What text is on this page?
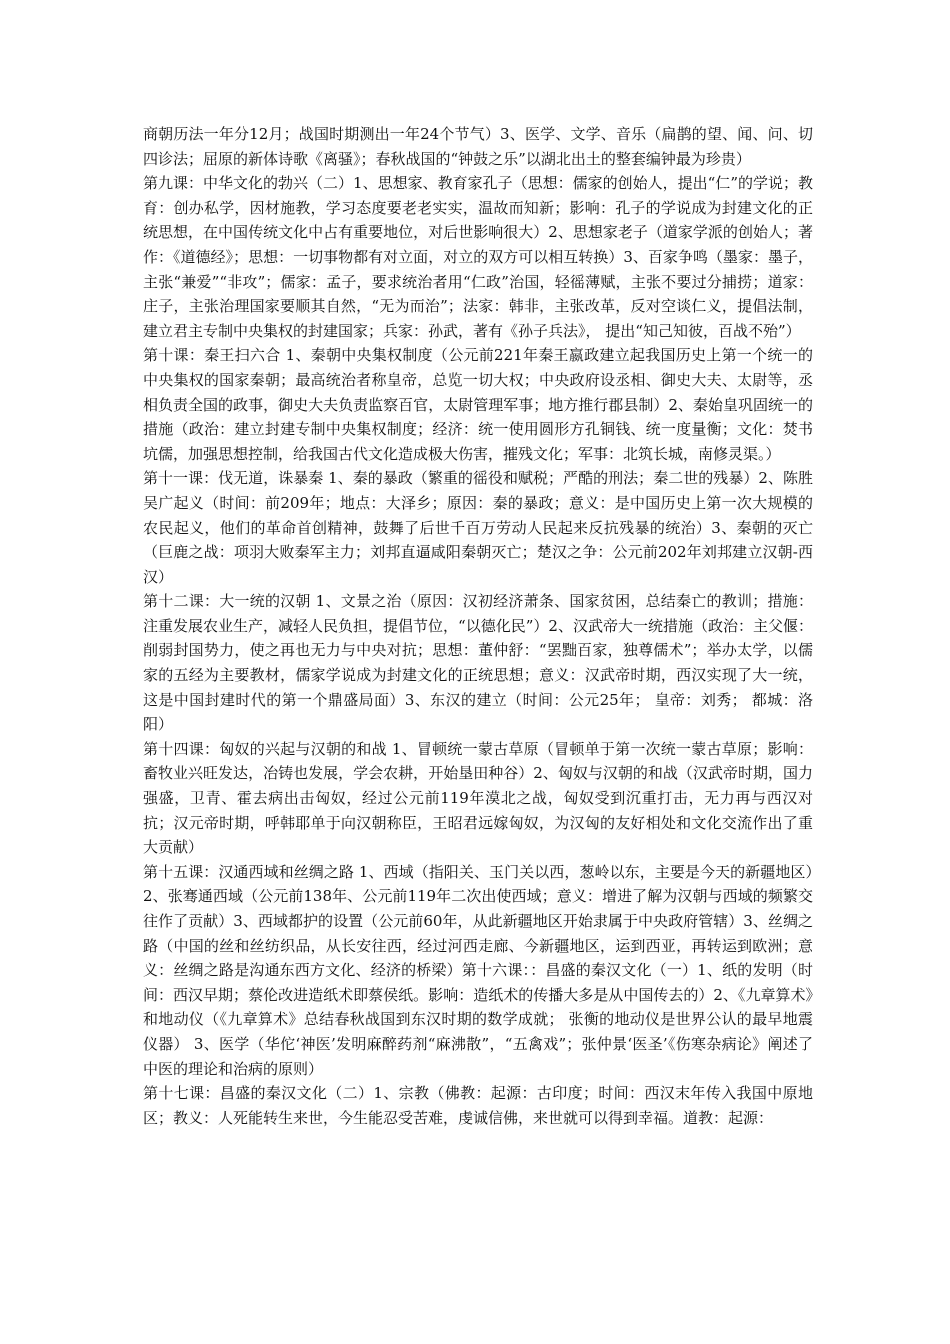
商朝历法一年分12月；战国时期测出一年24个节气）3、医学、文学、音乐（扁鹊的望、闻、问、切四诊法；屈原的新体诗歌《离骚》；春秋战国的“钟鼓之乐”以湖北出土的整套编钟最为珍贵）

第九课：中华文化的勃兴（二）1、思想家、教育家孔子（思想：儒家的创始人，提出“仁”的学说；教育：创办私学，因材施教，学习态度要老老实实，温故而知新；影响：孔子的学说成为封建文化的正统思想，在中国传统文化中占有重要地位，对后世影响很大）2、思想家老子（道家学派的创始人；著作：《道德经》；思想：一切事物都有对立面，对立的双方可以相互转换）3、百家争鸣（墨家：墨子，主张“兼爱”“非攻”；儒家：孟子，要求统治者用“仁政”治国，轻徭薄赋，主张不要过分捕捞；道家：庄子，主张治理国家要顺其自然，“无为而治”；法家：韩非，主张改革，反对空谈仁义，提倡法制，建立君主专制中央集权的封建国家；兵家：孙武，著有《孙子兵法》， 提出“知己知彼，百战不殆”）

第十课：秦王扫六合 1、秦朝中央集权制度（公元前221年秦王嬴政建立起我国历史上第一个统一的中央集权的国家秦朝；最高统治者称皇帝，总览一切大权；中央政府设丞相、御史大夫、太尉等，丞相负责全国的政事，御史大夫负责监察百官，太尉管理军事；地方推行郡县制）2、秦始皇巩固统一的措施（政治：建立封建专制中央集权制度；经济：统一使用圆形方孔铜钱、统一度量衡；文化：焚书坑儒，加强思想控制，给我国古代文化造成极大伤害，摧残文化；军事：北筑长城，南修灵渠。）

第十一课：伐无道，诛暴秦 1、秦的暴政（繁重的徭役和赋税；严酷的刑法；秦二世的残暴）2、陈胜吴广起义（时间：前209年；地点：大泽乡；原因：秦的暴政；意义：是中国历史上第一次大规模的农民起义，他们的革命首创精神，鼓舞了后世千百万劳动人民起来反抗残暴的统治）3、秦朝的灭亡（巨鹿之战：项羽大败秦军主力；刘邦直逼咸阳秦朝灭亡；楚汉之争：公元前202年刘邦建立汉朝-西汉）

第十二课：大一统的汉朝 1、文景之治（原因：汉初经济萧条、国家贫困，总结秦亡的教训；措施：注重发展农业生产，减轻人民负担，提倡节位，“以德化民”）2、汉武帝大一统措施（政治：主父偃：削弱封国势力，使之再也无力与中央对抗；思想：董仲舒：“罢黜百家，独尊儒术”；举办太学，以儒家的五经为主要教材，儒家学说成为封建文化的正统思想；意义：汉武帝时期，西汉实现了大一统，这是中国封建时代的第一个鼎盛局面）3、东汉的建立（时间：公元25年； 皇帝：刘秀； 都城：洛阳）

第十四课：匈奴的兴起与汉朝的和战 1、冒顿统一蒙古草原（冒顿单于第一次统一蒙古草原；影响：畜牧业兴旺发达，冶铸也发展，学会农耕，开始垦田种谷）2、匈奴与汉朝的和战（汉武帝时期，国力强盛，卫青、霍去病出击匈奴，经过公元前119年漠北之战，匈奴受到沉重打击，无力再与西汉对抗；汉元帝时期，呼韩耶单于向汉朝称臣，王昭君远嫁匈奴，为汉匈的友好相处和文化交流作出了重大贡献）

第十五课：汉通西域和丝绸之路 1、西域（指阳关、玉门关以西，葱岭以东，主要是今天的新疆地区）2、张骞通西域（公元前138年、公元前119年二次出使西域；意义：增进了解为汉朝与西域的频繁交往作了贡献）3、西域都护的设置（公元前60年，从此新疆地区开始隶属于中央政府管辖）3、丝绸之路（中国的丝和丝纺织品，从长安往西，经过河西走廊、今新疆地区，运到西亚，再转运到欧洲；意义：丝绸之路是沟通东西方文化、经济的桥梁）第十六课：：昌盛的秦汉文化（一）1、纸的发明（时间：西汉早期；蔡伦改进造纸术即蔡侯纸。影响：造纸术的传播大多是从中国传去的）2、《九章算术》和地动仪（《九章算术》总结春秋战国到东汉时期的数学成就； 张衡的地动仪是世界公认的最早地震仪器） 3、医学（华佗‘神医’发明麻醉药剂“麻沸散”，“五禽戏”；张仲景‘医圣’《伤寒杂病论》阐述了中医的理论和治病的原则）

第十七课：昌盛的秦汉文化（二）1、宗教（佛教：起源：古印度；时间：西汉末年传入我国中原地区；教义：人死能转生来世，今生能忍受苦难，虔诚信佛，来世就可以得到幸福。道教：起源：
